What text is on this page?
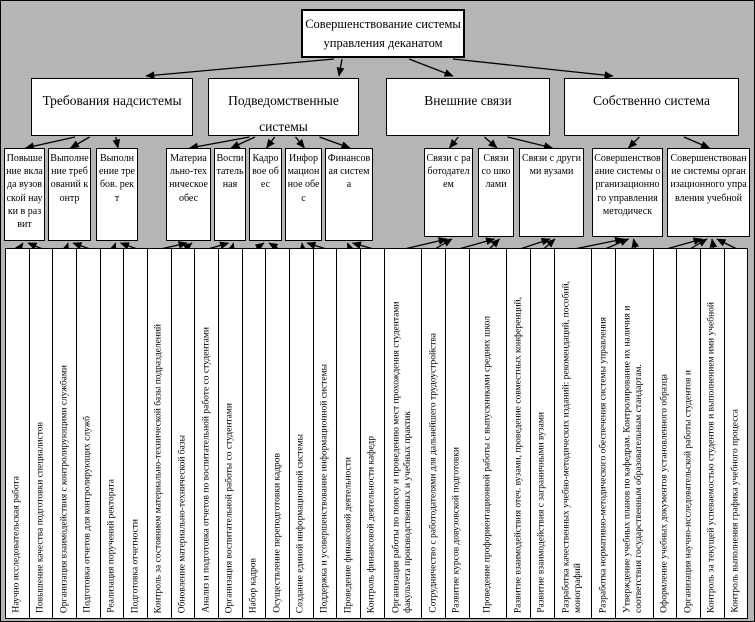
Совершенствование системы управления деканатом
Требования надсистемы	Подведомственные системы
Внешние связи	Собственно система
Научно исследовательская работа Повышение качества подготовки специалистов Организация взаимодействия с контролирующими службами Подготовка отчетов для контролирующих служб Реализация поручений ректората Подготовка отчетности Контроль за состоянием материально-технической базы подразделений Обновление материально-технической базы Анализ и подготовка отчетов по воспитательной работе со студентами Организация воспитательной работы со студентами Набор кадров Осуществление переподготовки кадров Создание единой информационной системы Поддержка и усовершенствование информационной системы Проведение финансовой деятельности Контроль финансовой деятельности кафедр Организация работы по поиску и проведению мест прохождения студентами факультета производственных и учебных практик Сотрудничество с работодателями для дальнейшего трудоустройства Развитие курсов довузовской подготовки Проведение профориентационной работы с выпускниками средних школ Развитие взаимодействия отеч. вузами, проведение совместных конференций, Развитие взаимодействия с заграничными вузами Разработка качественных учебно-методических изданий: рекомендаций, пособий, монографий Разработка нормативно-методического обеспечения системы управления Утверждение учебных планов по кафедрам. Контролирование их наличия и соответствия государственным образовательным стандартам. Оформление учебных документов установленного образца Организация научно-исследовательской работы студентов и Контроль за текущей успеваемостью студентов и выполнением ими учебной Контроль выполнения графика учебного процесса
Повышение вклада вузовской науки в развит
Выполнение требований контр
Выполнение требов. рект
Материально-техническое обес
Воспитательная
Кадровое обес
Информационное обес
Финансовая система
Связи с работодателем
Связи со школами
Связи с другими вузами
Совершенствование системы организационного управления методическ
Совершенствование системы организационного управления учебной
